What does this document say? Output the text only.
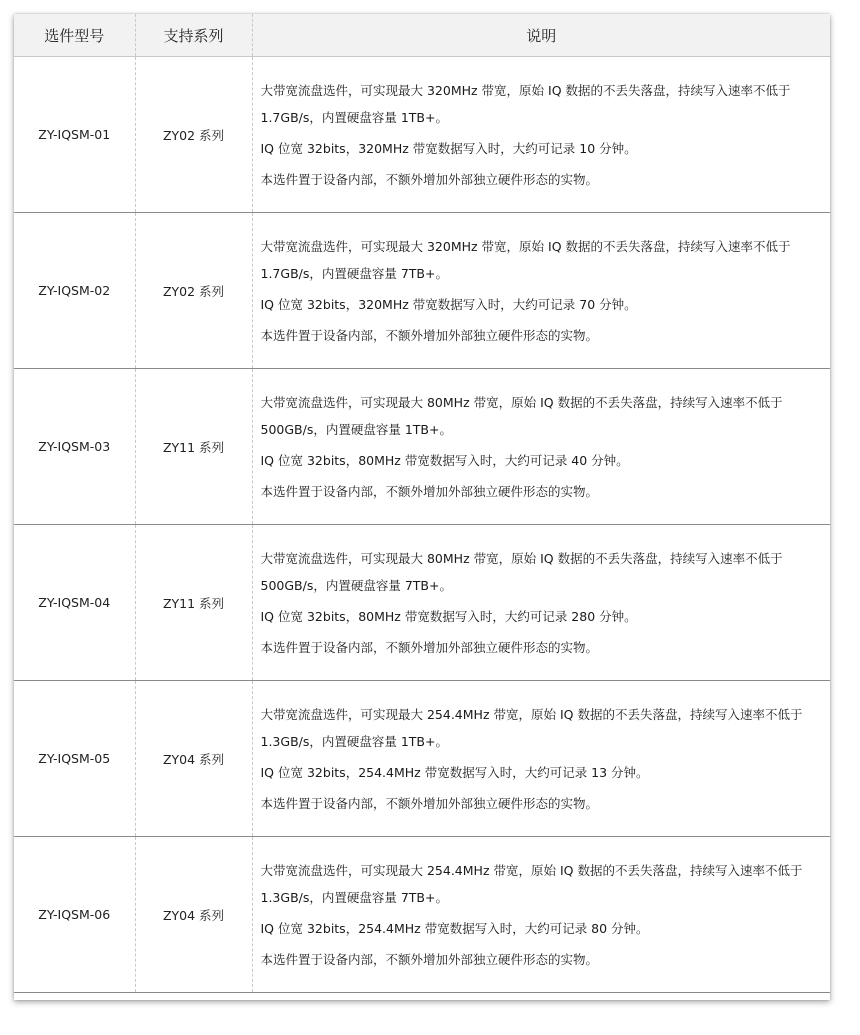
选件型号	支持系列	说明
ZY-IQSM-01	ZY02 系列	大带宽流盘选件，可实现最大 320MHz 带宽，原始 IQ 数据的不丢失落盘，持续写入速率不低于 1.7GB/s，内置硬盘容量 1TB+。

IQ 位宽 32bits，320MHz 带宽数据写入时，大约可记录 10 分钟。

本选件置于设备内部，不额外增加外部独立硬件形态的实物。

ZY-IQSM-02	ZY02 系列	大带宽流盘选件，可实现最大 320MHz 带宽，原始 IQ 数据的不丢失落盘，持续写入速率不低于 1.7GB/s，内置硬盘容量 7TB+。

IQ 位宽 32bits，320MHz 带宽数据写入时，大约可记录 70 分钟。

本选件置于设备内部，不额外增加外部独立硬件形态的实物。

ZY-IQSM-03	ZY11 系列	大带宽流盘选件，可实现最大 80MHz 带宽，原始 IQ 数据的不丢失落盘，持续写入速率不低于 500GB/s，内置硬盘容量 1TB+。

IQ 位宽 32bits，80MHz 带宽数据写入时，大约可记录 40 分钟。

本选件置于设备内部，不额外增加外部独立硬件形态的实物。

ZY-IQSM-04	ZY11 系列	大带宽流盘选件，可实现最大 80MHz 带宽，原始 IQ 数据的不丢失落盘，持续写入速率不低于 500GB/s，内置硬盘容量 7TB+。

IQ 位宽 32bits，80MHz 带宽数据写入时，大约可记录 280 分钟。

本选件置于设备内部，不额外增加外部独立硬件形态的实物。

ZY-IQSM-05	ZY04 系列	大带宽流盘选件，可实现最大 254.4MHz 带宽，原始 IQ 数据的不丢失落盘，持续写入速率不低于 1.3GB/s，内置硬盘容量 1TB+。

IQ 位宽 32bits，254.4MHz 带宽数据写入时，大约可记录 13 分钟。

本选件置于设备内部，不额外增加外部独立硬件形态的实物。

ZY-IQSM-06	ZY04 系列	大带宽流盘选件，可实现最大 254.4MHz 带宽，原始 IQ 数据的不丢失落盘，持续写入速率不低于 1.3GB/s，内置硬盘容量 7TB+。

IQ 位宽 32bits，254.4MHz 带宽数据写入时，大约可记录 80 分钟。

本选件置于设备内部，不额外增加外部独立硬件形态的实物。
